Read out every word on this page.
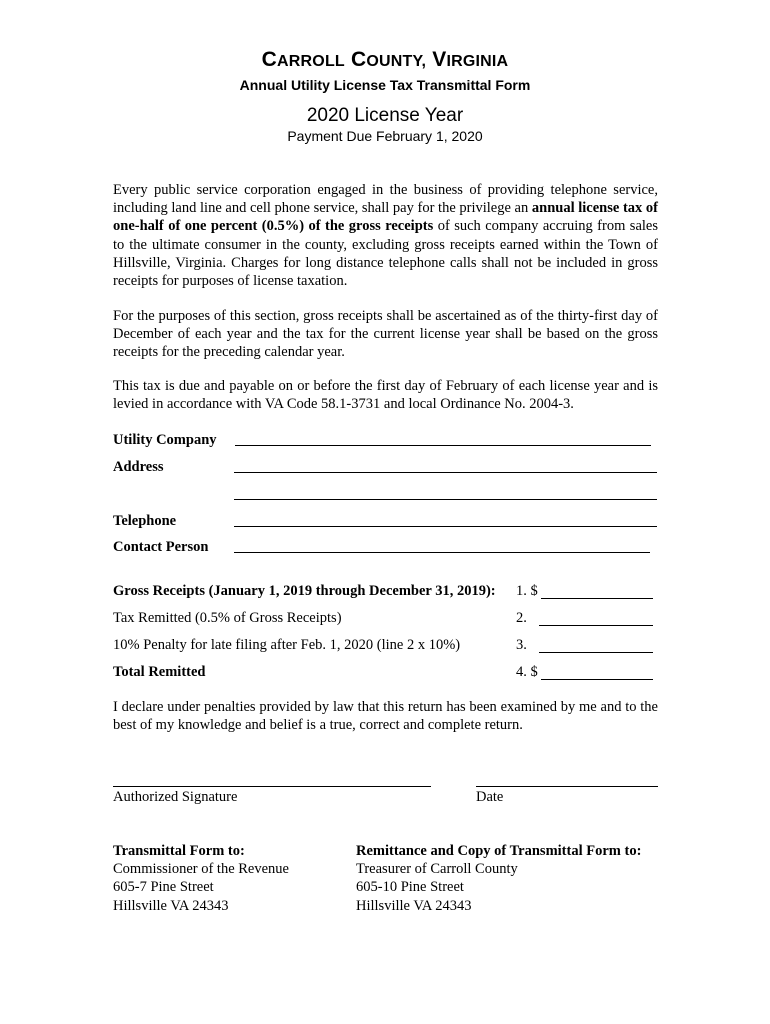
CARROLL COUNTY, VIRGINIA
Annual Utility License Tax Transmittal Form
2020 License Year
Payment Due February 1, 2020
Every public service corporation engaged in the business of providing telephone service, including land line and cell phone service, shall pay for the privilege an annual license tax of one-half of one percent (0.5%) of the gross receipts of such company accruing from sales to the ultimate consumer in the county, excluding gross receipts earned within the Town of Hillsville, Virginia. Charges for long distance telephone calls shall not be included in gross receipts for purposes of license taxation.
For the purposes of this section, gross receipts shall be ascertained as of the thirty-first day of December of each year and the tax for the current license year shall be based on the gross receipts for the preceding calendar year.
This tax is due and payable on or before the first day of February of each license year and is levied in accordance with VA Code 58.1-3731 and local Ordinance No. 2004-3.
Utility Company
Address
Telephone
Contact Person
Gross Receipts (January 1, 2019 through December 31, 2019): 1. $
Tax Remitted (0.5% of Gross Receipts)	2.
10% Penalty for late filing after Feb. 1, 2020 (line 2 x 10%)	3.
Total Remitted	4. $
I declare under penalties provided by law that this return has been examined by me and to the best of my knowledge and belief is a true, correct and complete return.
Authorized Signature	Date
Transmittal Form to:
Commissioner of the Revenue
605-7 Pine Street
Hillsville VA 24343
Remittance and Copy of Transmittal Form to:
Treasurer of Carroll County
605-10 Pine Street
Hillsville VA 24343
